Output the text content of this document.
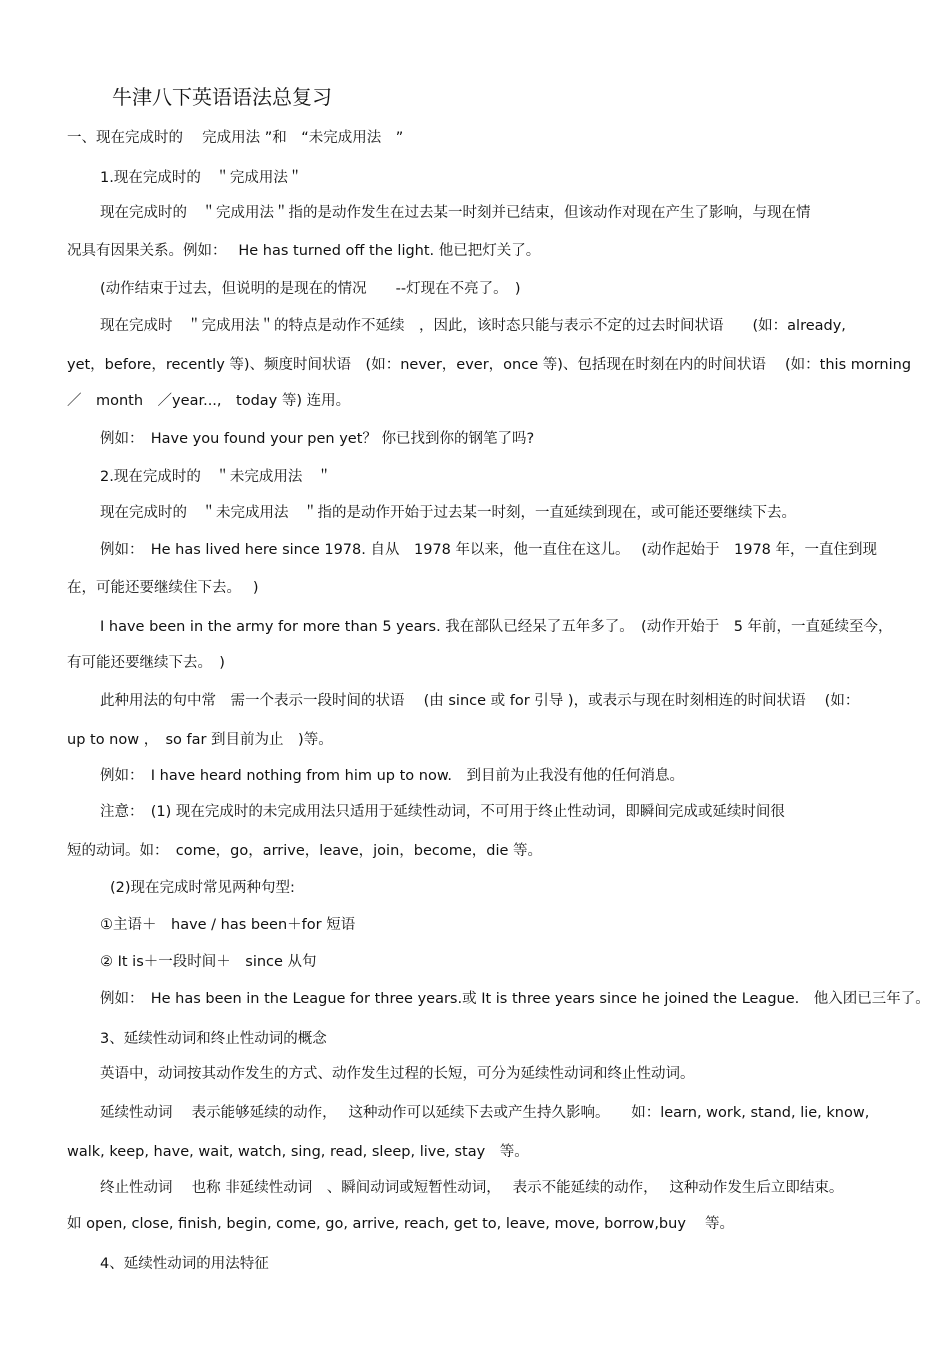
牛津八下英语语法总复习
一、现在完成时的　 完成用法 ”和　“未完成用法　”
1.现在完成时的　＂完成用法＂
现在完成时的　＂完成用法＂指的是动作发生在过去某一时刻并已结束，但该动作对现在产生了影响，与现在情
况具有因果关系。例如：　 He has turned off the light. 他已把灯关了。
(动作结束于过去，但说明的是现在的情况　　--灯现在不亮了。　)
现在完成时　＂完成用法＂的特点是动作不延续　，因此，该时态只能与表示不定的过去时间状语　　(如：already,
yet，before，recently 等)、频度时间状语　(如：never，ever，once 等)、包括现在时刻在内的时间状语　 (如：this morning
／　month　／year...,　today 等) 连用。
例如：　Have you found your pen yet？ 你已找到你的钢笔了吗?
2.现在完成时的　＂未完成用法　＂
现在完成时的　＂未完成用法　＂指的是动作开始于过去某一时刻，一直延续到现在，或可能还要继续下去。
例如：　He has lived here since 1978. 自从　1978 年以来，他一直住在这儿。　 (动作起始于　1978 年，一直住到现
在，可能还要继续住下去。　 )
I have been in the army for more than 5 years. 我在部队已经呆了五年多了。　(动作开始于　5 年前，一直延续至今，
有可能还要继续下去。　)
此种用法的句中常　需一个表示一段时间的状语　 (由 since 或 for 引导 )，或表示与现在时刻相连的时间状语　 (如：
up to now ，　so far 到目前为止　)等。
例如：　I have heard nothing from him up to now.　到目前为止我没有他的任何消息。
注意：　(1) 现在完成时的未完成用法只适用于延续性动词，不可用于终止性动词，即瞬间完成或延续时间很
短的动词。如：　come，go，arrive，leave，join，become，die 等。
(2)现在完成时常见两种句型:
①主语＋　have / has been＋for 短语
② It is＋一段时间＋　since 从句
例如：　He has been in the League for three years.或 It is three years since he joined the League.　他入团已三年了。
3、延续性动词和终止性动词的概念
英语中，动词按其动作发生的方式、动作发生过程的长短，可分为延续性动词和终止性动词。
延续性动词　 表示能够延续的动作，　 这种动作可以延续下去或产生持久影响。　　如：learn, work, stand, lie, know,
walk, keep, have, wait, watch, sing, read, sleep, live, stay　等。
终止性动词　 也称 非延续性动词　、瞬间动词或短暂性动词，　 表示不能延续的动作，　 这种动作发生后立即结束。
如 open, close, finish, begin, come, go, arrive, reach, get to, leave, move, borrow,buy　 等。
4、延续性动词的用法特征
